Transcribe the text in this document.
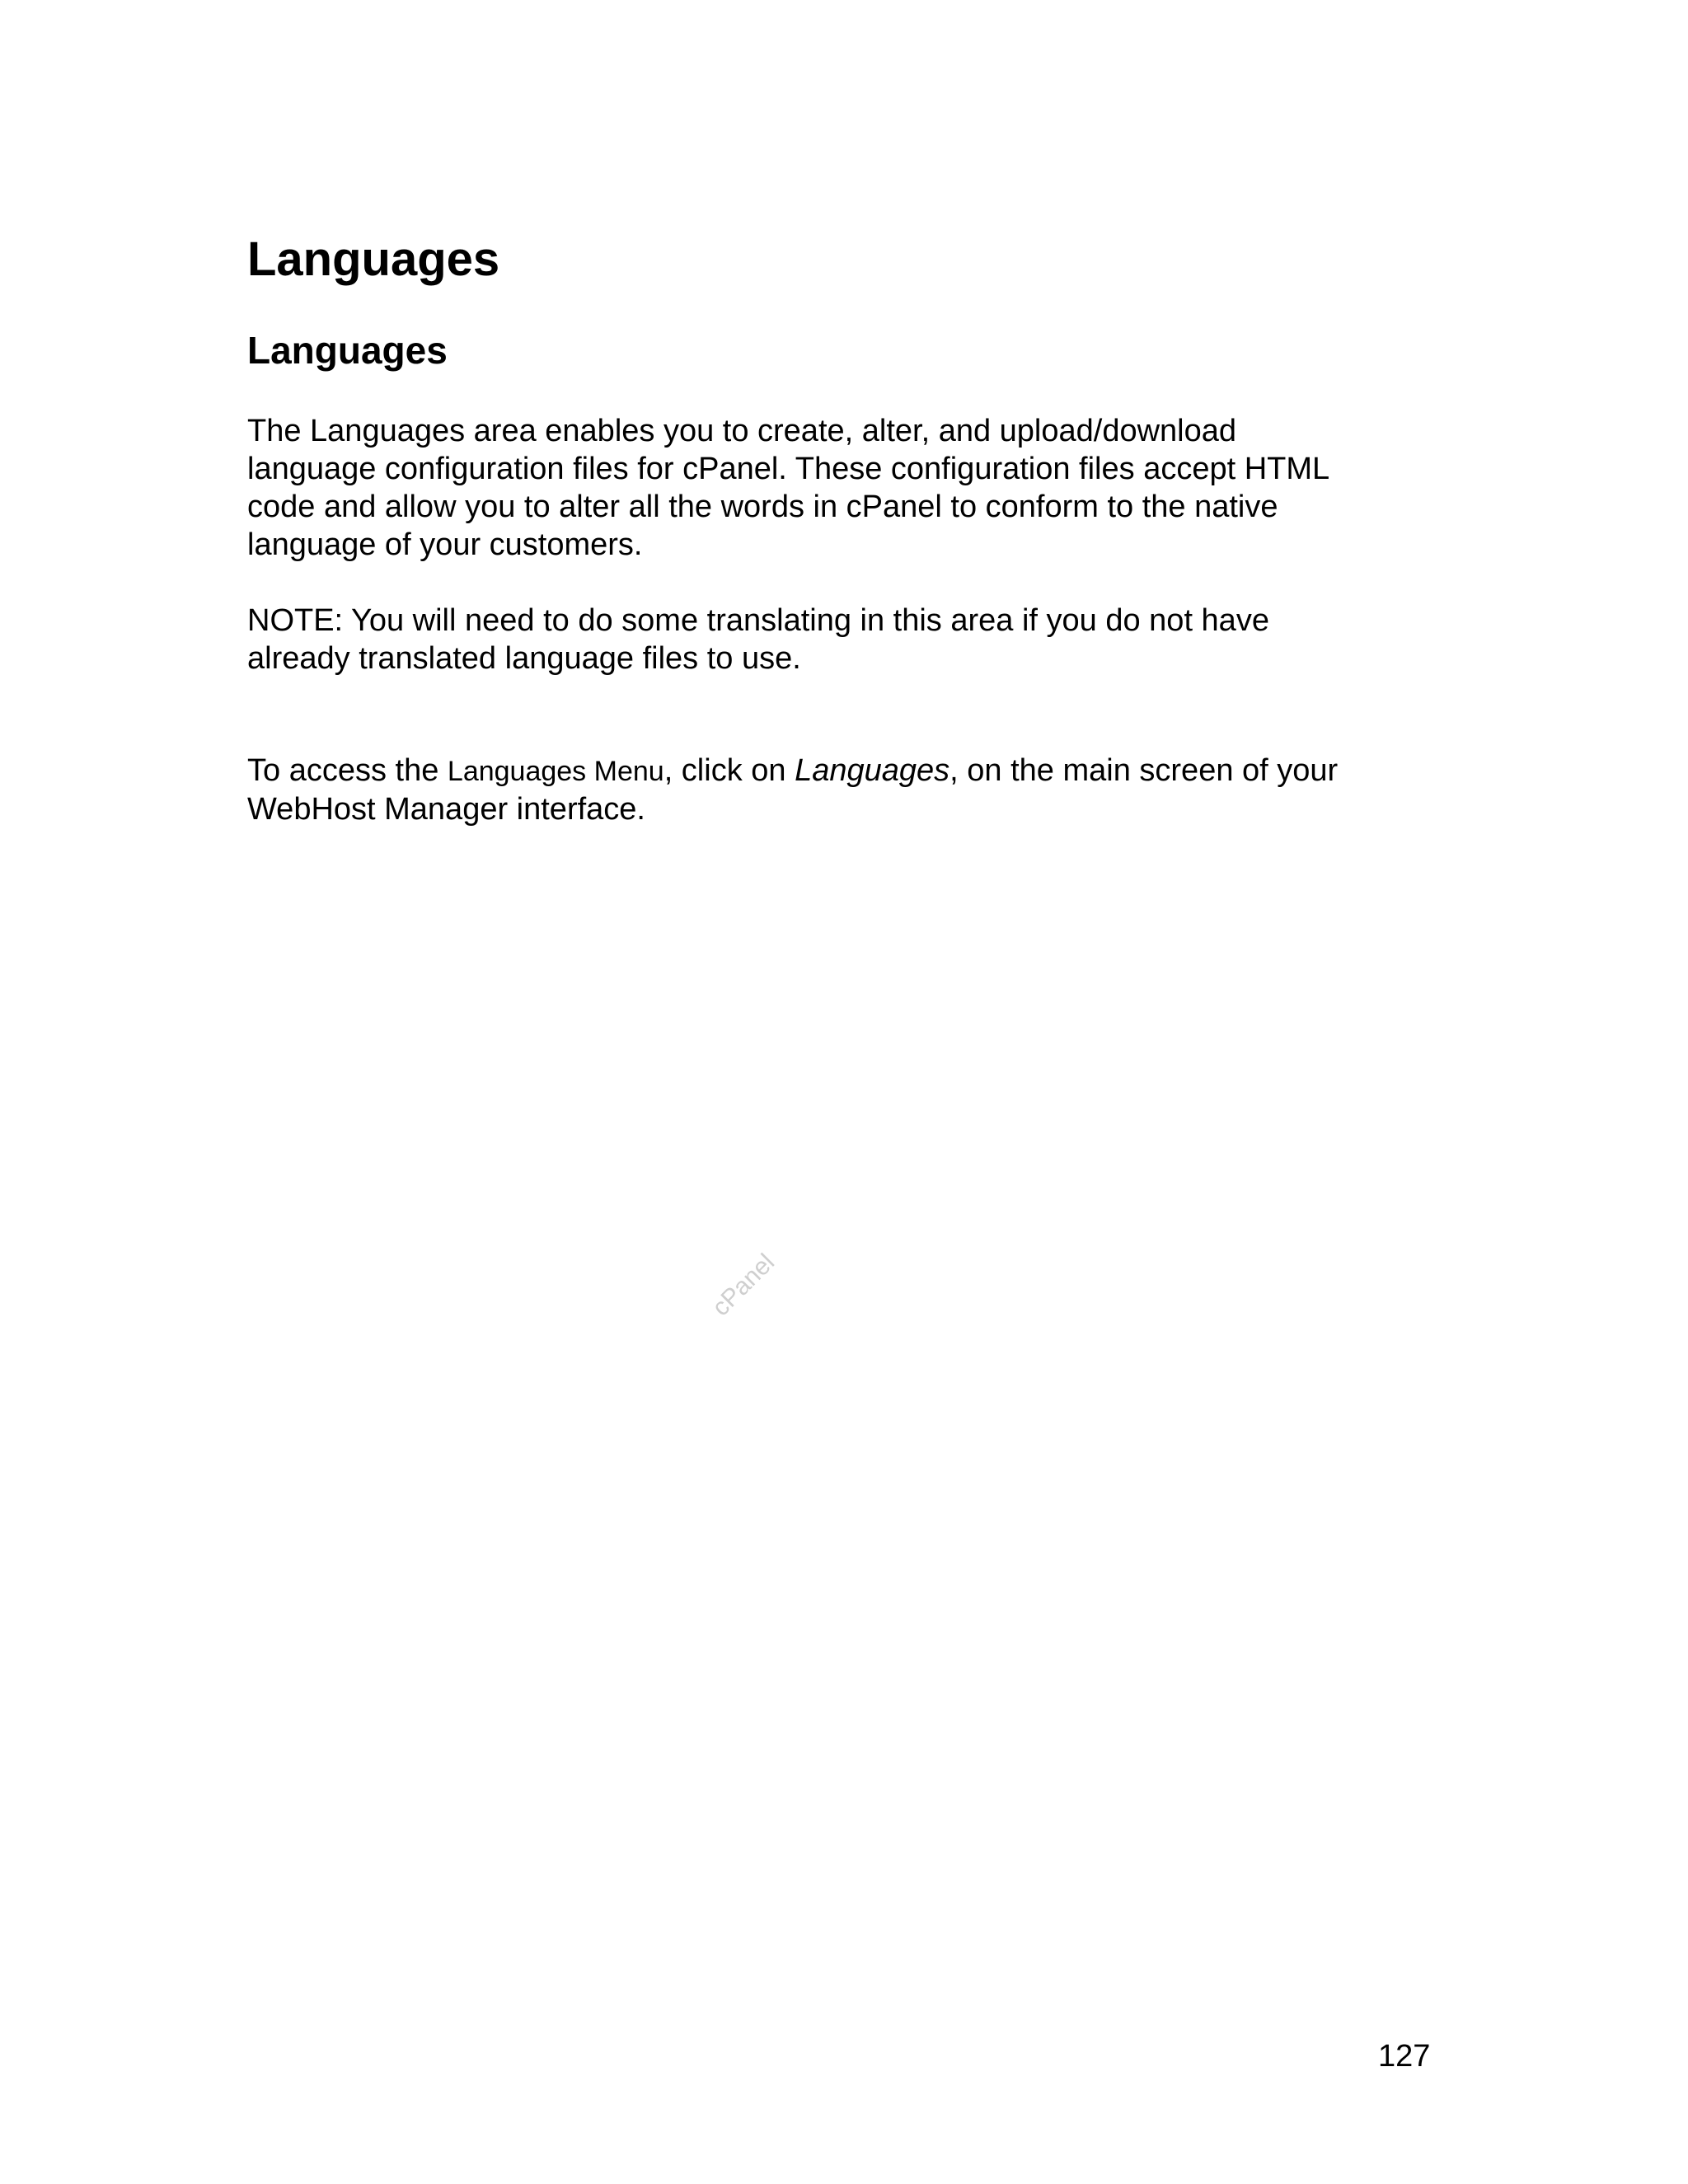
Languages
Languages

The Languages area enables you to create, alter, and upload/download
language configuration files for cPanel. These configuration files accept HTML
code and allow you to alter all the words in cPanel to conform to the native
language of your customers.

NOTE: You will need to do some translating in this area if you do not have
already translated language files to use.

To access the Languages Menu, click on Languages, on the main screen of your
WebHost Manager interface.

cPanel
127
